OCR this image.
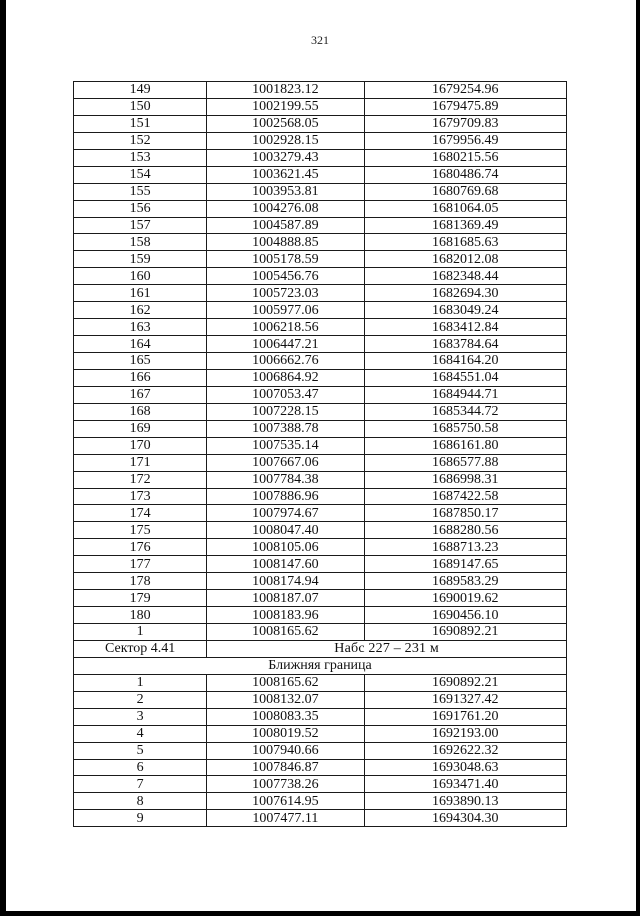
321
149	1001823.12	1679254.96
150	1002199.55	1679475.89
151	1002568.05	1679709.83
152	1002928.15	1679956.49
153	1003279.43	1680215.56
154	1003621.45	1680486.74
155	1003953.81	1680769.68
156	1004276.08	1681064.05
157	1004587.89	1681369.49
158	1004888.85	1681685.63
159	1005178.59	1682012.08
160	1005456.76	1682348.44
161	1005723.03	1682694.30
162	1005977.06	1683049.24
163	1006218.56	1683412.84
164	1006447.21	1683784.64
165	1006662.76	1684164.20
166	1006864.92	1684551.04
167	1007053.47	1684944.71
168	1007228.15	1685344.72
169	1007388.78	1685750.58
170	1007535.14	1686161.80
171	1007667.06	1686577.88
172	1007784.38	1686998.31
173	1007886.96	1687422.58
174	1007974.67	1687850.17
175	1008047.40	1688280.56
176	1008105.06	1688713.23
177	1008147.60	1689147.65
178	1008174.94	1689583.29
179	1008187.07	1690019.62
180	1008183.96	1690456.10
1	1008165.62	1690892.21
Сектор 4.41	Набс 227 – 231 м	
Ближняя граница		
1	1008165.62	1690892.21
2	1008132.07	1691327.42
3	1008083.35	1691761.20
4	1008019.52	1692193.00
5	1007940.66	1692622.32
6	1007846.87	1693048.63
7	1007738.26	1693471.40
8	1007614.95	1693890.13
9	1007477.11	1694304.30
